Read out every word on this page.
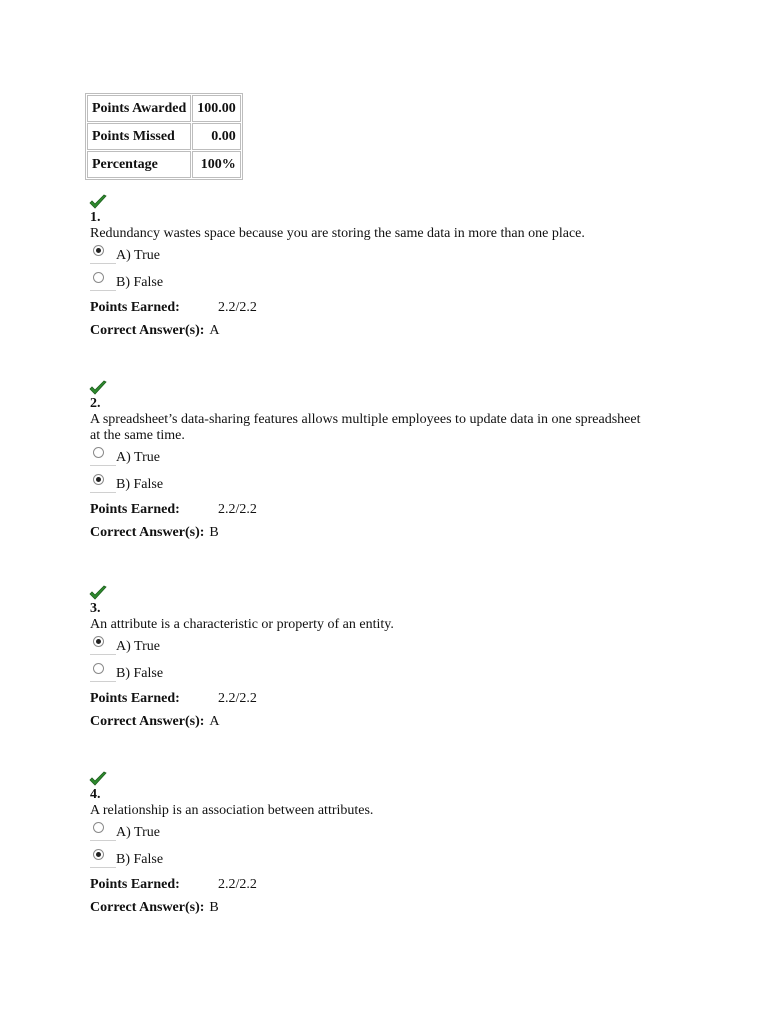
Points Awarded	100.00
Points Missed	0.00
Percentage	100%
1.
Redundancy wastes space because you are storing the same data in more than one place.
A) True
B) False
Points Earned:	2.2/2.2
Correct Answer(s): A
2.
A spreadsheet’s data-sharing features allows multiple employees to update data in one spreadsheet at the same time.
A) True
B) False
Points Earned:	2.2/2.2
Correct Answer(s): B
3.
An attribute is a characteristic or property of an entity.
A) True
B) False
Points Earned:	2.2/2.2
Correct Answer(s): A
4.
A relationship is an association between attributes.
A) True
B) False
Points Earned:	2.2/2.2
Correct Answer(s): B
